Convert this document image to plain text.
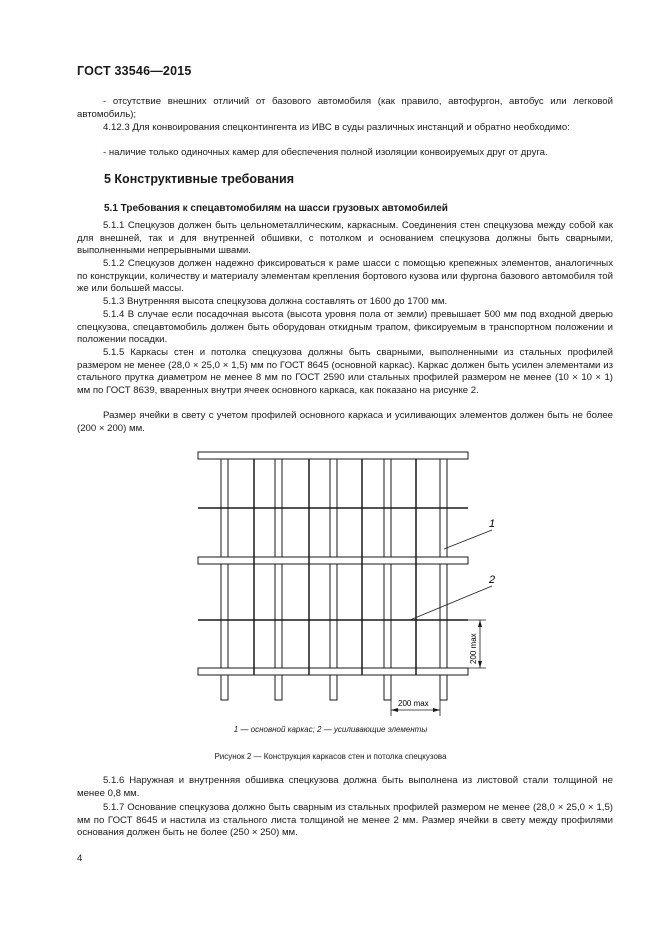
ГОСТ 33546—2015
- отсутствие внешних отличий от базового автомобиля (как правило, автофургон, автобус или легковой автомобиль);
4.12.3 Для конвоирования спецконтингента из ИВС в суды различных инстанций и обратно необходимо:
- наличие только одиночных камер для обеспечения полной изоляции конвоируемых друг от друга.
5 Конструктивные требования
5.1 Требования к спецавтомобилям на шасси грузовых автомобилей
5.1.1 Спецкузов должен быть цельнометаллическим, каркасным. Соединения стен спецкузова между собой как для внешней, так и для внутренней обшивки, с потолком и основанием спецкузова должны быть сварными, выполненными непрерывными швами.
5.1.2 Спецкузов должен надежно фиксироваться к раме шасси с помощью крепежных элементов, аналогичных по конструкции, количеству и материалу элементам крепления бортового кузова или фургона базового автомобиля той же или большей массы.
5.1.3 Внутренняя высота спецкузова должна составлять от 1600 до 1700 мм.
5.1.4 В случае если посадочная высота (высота уровня пола от земли) превышает 500 мм под входной дверью спецкузова, спецавтомобиль должен быть оборудован откидным трапом, фиксируемым в транспортном положении и положении посадки.
5.1.5 Каркасы стен и потолка спецкузова должны быть сварными, выполненными из стальных профилей размером не менее (28,0 × 25,0 × 1,5) мм по ГОСТ 8645 (основной каркас). Каркас должен быть усилен элементами из стального прутка диаметром не менее 8 мм по ГОСТ 2590 или стальных профилей размером не менее (10 × 10 × 1) мм по ГОСТ 8639, вваренных внутри ячеек основного каркаса, как показано на рисунке 2.
Размер ячейки в свету с учетом профилей основного каркаса и усиливающих элементов должен быть не более (200 × 200) мм.
1
2
200 max
200 max
1 — основной каркас; 2 — усиливающие элементы
Рисунок 2 — Конструкция каркасов стен и потолка спецкузова
5.1.6 Наружная и внутренняя обшивка спецкузова должна быть выполнена из листовой стали толщиной не менее 0,8 мм.
5.1.7 Основание спецкузова должно быть сварным из стальных профилей размером не менее (28,0 × 25,0 × 1,5) мм по ГОСТ 8645 и настила из стального листа толщиной не менее 2 мм. Размер ячейки в свету между профилями основания должен быть не более (250 × 250) мм.
4
